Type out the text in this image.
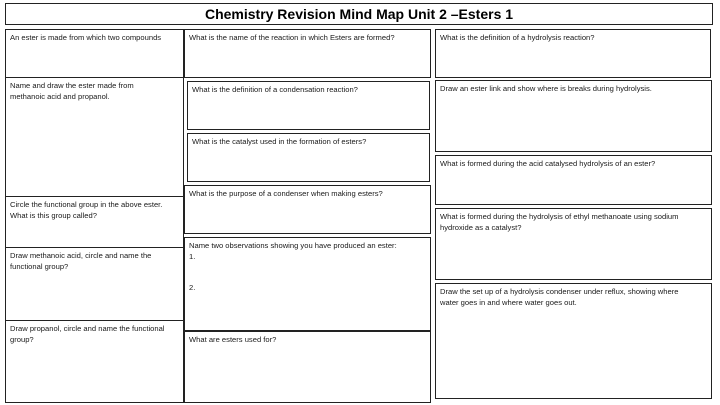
Chemistry Revision Mind Map Unit 2 –Esters 1
An ester is made from which two compounds
Name and draw the ester made from
methanoic acid and propanol.
Circle the functional group in the above ester.
What is this group called?
Draw methanoic acid, circle and name the
functional group?
Draw propanol, circle and name the functional
group?
What is the name of the reaction in which Esters are formed?
What is the definition of a condensation reaction?
What is the catalyst used in the formation of esters?
What is the purpose of a condenser when making esters?
Name two observations showing you have produced an ester:
1.

2.
What are esters used for?
What is the definition of a hydrolysis reaction?
Draw an ester link and show where is breaks during hydrolysis.
What is formed during the acid catalysed hydrolysis of an ester?
What is formed during the hydrolysis of ethyl methanoate using sodium
hydroxide as a catalyst?
Draw the set up of a hydrolysis condenser under reflux, showing where
water goes in and where water goes out.
